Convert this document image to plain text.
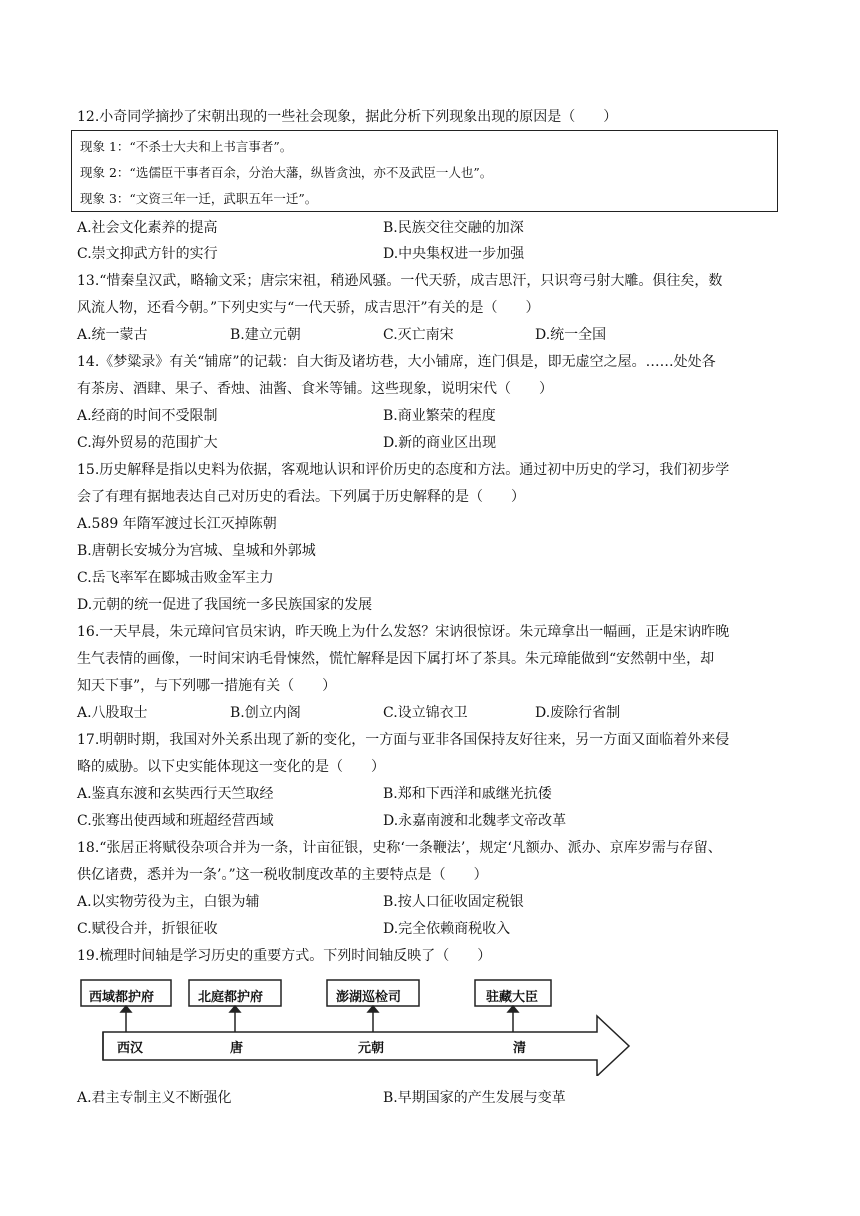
12.小奇同学摘抄了宋朝出现的一些社会现象，据此分析下列现象出现的原因是（　　）
现象 1：“不杀士大夫和上书言事者”。
现象 2：“选儒臣干事者百余，分治大藩，纵皆贪浊，亦不及武臣一人也”。
现象 3：“文资三年一迁，武职五年一迁”。
A.社会文化素养的提高	B.民族交往交融的加深
C.崇文抑武方针的实行	D.中央集权进一步加强
13.“惜秦皇汉武，略输文采；唐宗宋祖，稍逊风骚。一代天骄，成吉思汗，只识弯弓射大雕。俱往矣，数
风流人物，还看今朝。”下列史实与“一代天骄，成吉思汗”有关的是（　　）
A.统一蒙古	B.建立元朝	C.灭亡南宋	D.统一全国
14.《梦粱录》有关“铺席”的记载：自大街及诸坊巷，大小铺席，连门俱是，即无虚空之屋。……处处各
有茶房、酒肆、果子、香烛、油酱、食米等铺。这些现象，说明宋代（　　）
A.经商的时间不受限制	B.商业繁荣的程度
C.海外贸易的范围扩大	D.新的商业区出现
15.历史解释是指以史料为依据，客观地认识和评价历史的态度和方法。通过初中历史的学习，我们初步学
会了有理有据地表达自己对历史的看法。下列属于历史解释的是（　　）
A.589 年隋军渡过长江灭掉陈朝
B.唐朝长安城分为宫城、皇城和外郭城
C.岳飞率军在郾城击败金军主力
D.元朝的统一促进了我国统一多民族国家的发展
16.一天早晨，朱元璋问官员宋讷，昨天晚上为什么发怒？宋讷很惊讶。朱元璋拿出一幅画，正是宋讷昨晚
生气表情的画像，一时间宋讷毛骨悚然，慌忙解释是因下属打坏了茶具。朱元璋能做到“安然朝中坐，却
知天下事”，与下列哪一措施有关（　　）
A.八股取士	B.创立内阁	C.设立锦衣卫	D.废除行省制
17.明朝时期，我国对外关系出现了新的变化，一方面与亚非各国保持友好往来，另一方面又面临着外来侵
略的威胁。以下史实能体现这一变化的是（　　）
A.鉴真东渡和玄奘西行天竺取经	B.郑和下西洋和戚继光抗倭
C.张骞出使西域和班超经营西域	D.永嘉南渡和北魏孝文帝改革
18.“张居正将赋役杂项合并为一条，计亩征银，史称‘一条鞭法’，规定‘凡额办、派办、京库岁需与存留、
供亿诸费，悉并为一条’。”这一税收制度改革的主要特点是（　　）
A.以实物劳役为主，白银为辅	B.按人口征收固定税银
C.赋役合并，折银征收	D.完全依赖商税收入
19.梳理时间轴是学习历史的重要方式。下列时间轴反映了（　　）
西域都护府	北庭都护府	澎湖巡检司	驻藏大臣
西汉	唐	元朝	清
A.君主专制主义不断强化	B.早期国家的产生发展与变革
